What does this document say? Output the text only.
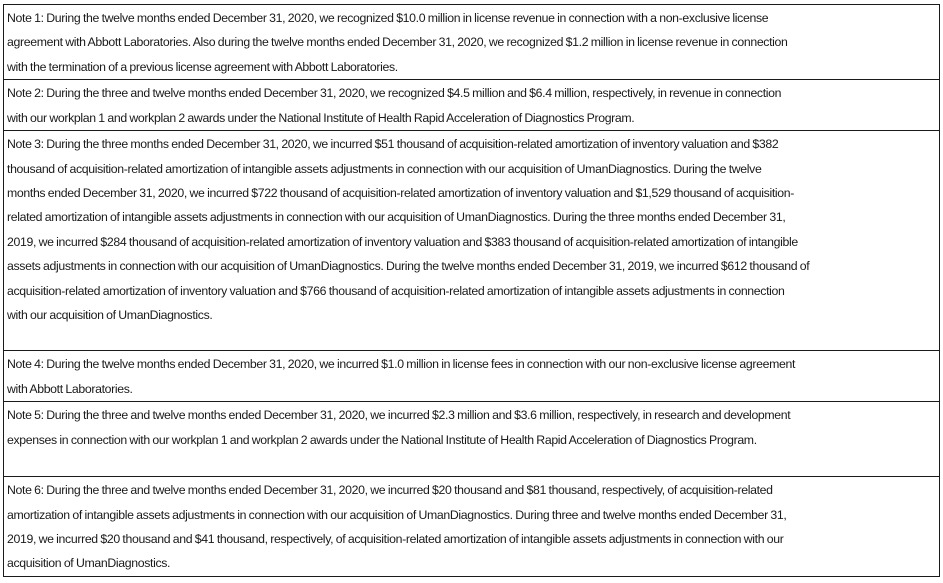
Note 1: During the twelve months ended December 31, 2020, we recognized $10.0 million in license revenue in connection with a non-exclusive license

agreement with Abbott Laboratories. Also during the twelve months ended December 31, 2020, we recognized $1.2 million in license revenue in connection

with the termination of a previous license agreement with Abbott Laboratories.

Note 2: During the three and twelve months ended December 31, 2020, we recognized $4.5 million and $6.4 million, respectively, in revenue in connection

with our workplan 1 and workplan 2 awards under the National Institute of Health Rapid Acceleration of Diagnostics Program.

Note 3: During the three months ended December 31, 2020, we incurred $51 thousand of acquisition-related amortization of inventory valuation and $382

thousand of acquisition-related amortization of intangible assets adjustments in connection with our acquisition of UmanDiagnostics. During the twelve

months ended December 31, 2020, we incurred $722 thousand of acquisition-related amortization of inventory valuation and $1,529 thousand of acquisition-

related amortization of intangible assets adjustments in connection with our acquisition of UmanDiagnostics. During the three months ended December 31,

2019, we incurred $284 thousand of acquisition-related amortization of inventory valuation and $383 thousand of acquisition-related amortization of intangible

assets adjustments in connection with our acquisition of UmanDiagnostics. During the twelve months ended December 31, 2019, we incurred $612 thousand of

acquisition-related amortization of inventory valuation and $766 thousand of acquisition-related amortization of intangible assets adjustments in connection

with our acquisition of UmanDiagnostics.

Note 4: During the twelve months ended December 31, 2020, we incurred $1.0 million in license fees in connection with our non-exclusive license agreement

with Abbott Laboratories.

Note 5: During the three and twelve months ended December 31, 2020, we incurred $2.3 million and $3.6 million, respectively, in research and development

expenses in connection with our workplan 1 and workplan 2 awards under the National Institute of Health Rapid Acceleration of Diagnostics Program.

Note 6: During the three and twelve months ended December 31, 2020, we incurred $20 thousand and $81 thousand, respectively, of acquisition-related

amortization of intangible assets adjustments in connection with our acquisition of UmanDiagnostics. During three and twelve months ended December 31,

2019, we incurred $20 thousand and $41 thousand, respectively, of acquisition-related amortization of intangible assets adjustments in connection with our

acquisition of UmanDiagnostics.
